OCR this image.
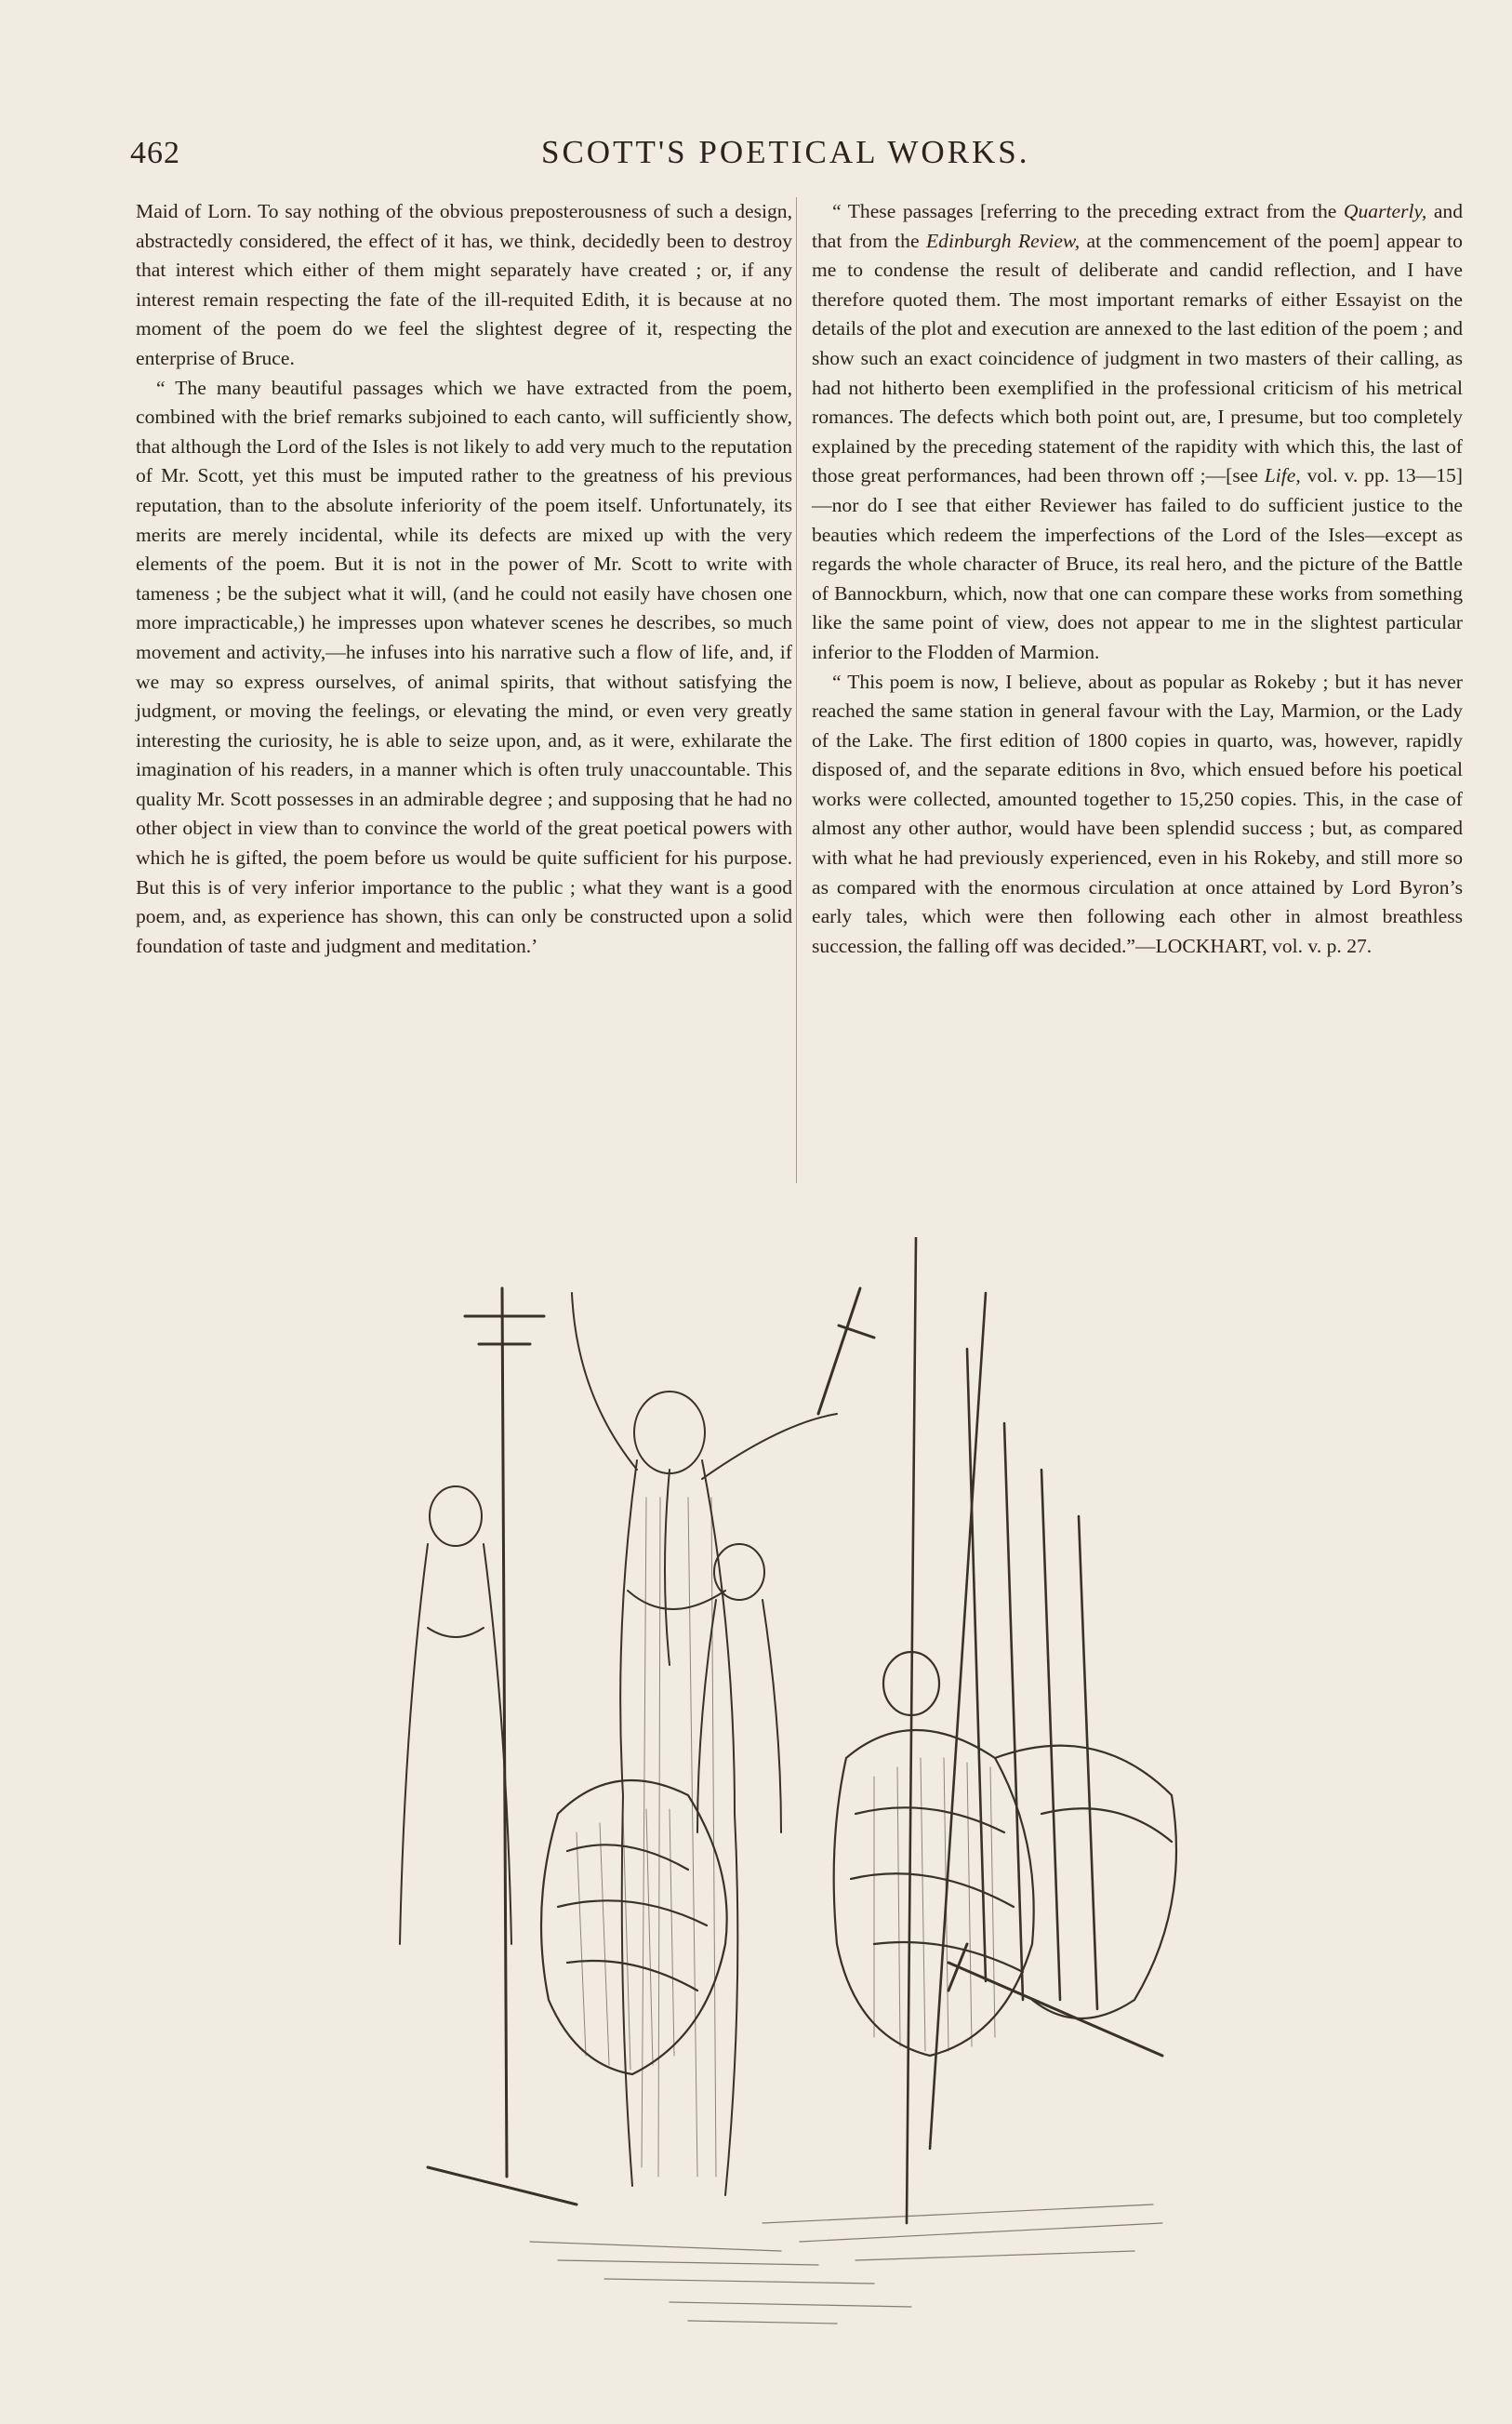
462	SCOTT'S POETICAL WORKS.

Maid of Lorn. To say nothing of the obvious preposterousness of such a design, abstractedly considered, the effect of it has, we think, decidedly been to destroy that interest which either of them might separately have created ; or, if any interest remain respecting the fate of the ill-requited Edith, it is because at no moment of the poem do we feel the slightest degree of it, respecting the enterprise of Bruce.

“ The many beautiful passages which we have extracted from the poem, combined with the brief remarks subjoined to each canto, will sufficiently show, that although the Lord of the Isles is not likely to add very much to the reputation of Mr. Scott, yet this must be imputed rather to the greatness of his previous reputation, than to the absolute inferiority of the poem itself. Unfortunately, its merits are merely incidental, while its defects are mixed up with the very elements of the poem. But it is not in the power of Mr. Scott to write with tameness ; be the subject what it will, (and he could not easily have chosen one more impracticable,) he impresses upon whatever scenes he describes, so much movement and activity,—he infuses into his narrative such a flow of life, and, if we may so express ourselves, of animal spirits, that without satisfying the judgment, or moving the feelings, or elevating the mind, or even very greatly interesting the curiosity, he is able to seize upon, and, as it were, exhilarate the imagination of his readers, in a manner which is often truly unaccountable. This quality Mr. Scott possesses in an admirable degree ; and supposing that he had no other object in view than to convince the world of the great poetical powers with which he is gifted, the poem before us would be quite sufficient for his purpose. But this is of very inferior importance to the public ; what they want is a good poem, and, as experience has shown, this can only be constructed upon a solid foundation of taste and judgment and meditation.’

“ These passages [referring to the preceding extract from the Quarterly, and that from the Edinburgh Review, at the commencement of the poem] appear to me to condense the result of deliberate and candid reflection, and I have therefore quoted them. The most important remarks of either Essayist on the details of the plot and execution are annexed to the last edition of the poem ; and show such an exact coincidence of judgment in two masters of their calling, as had not hitherto been exemplified in the professional criticism of his metrical romances. The defects which both point out, are, I presume, but too completely explained by the preceding statement of the rapidity with which this, the last of those great performances, had been thrown off ;—[see Life, vol. v. pp. 13—15]—nor do I see that either Reviewer has failed to do sufficient justice to the beauties which redeem the imperfections of the Lord of the Isles—except as regards the whole character of Bruce, its real hero, and the picture of the Battle of Bannockburn, which, now that one can compare these works from something like the same point of view, does not appear to me in the slightest particular inferior to the Flodden of Marmion.

“ This poem is now, I believe, about as popular as Rokeby ; but it has never reached the same station in general favour with the Lay, Marmion, or the Lady of the Lake. The first edition of 1800 copies in quarto, was, however, rapidly disposed of, and the separate editions in 8vo, which ensued before his poetical works were collected, amounted together to 15,250 copies. This, in the case of almost any other author, would have been splendid success ; but, as compared with what he had previously experienced, even in his Rokeby, and still more so as compared with the enormous circulation at once attained by Lord Byron’s early tales, which were then following each other in almost breathless succession, the falling off was decided.”—LOCKHART, vol. v. p. 27.
